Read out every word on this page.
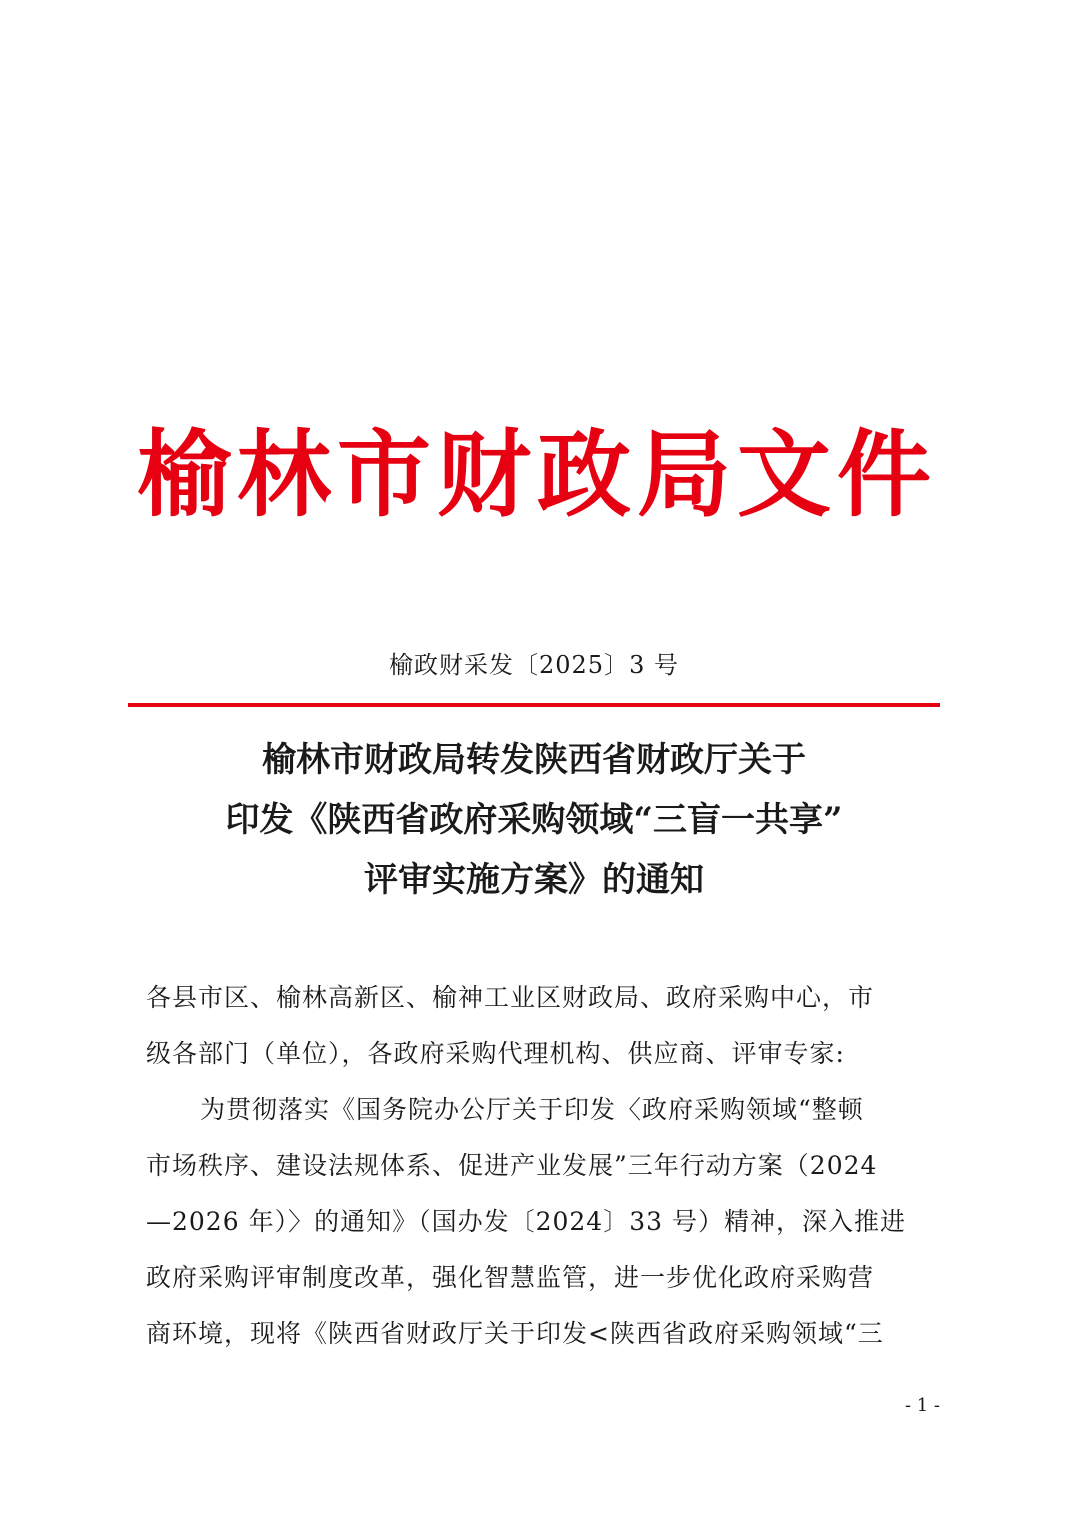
榆林市财政局文件
榆政财采发〔2025〕3 号
榆林市财政局转发陕西省财政厅关于
印发《陕西省政府采购领域“三盲一共享”
评审实施方案》的通知
各县市区、榆林高新区、榆神工业区财政局、政府采购中心，市
级各部门（单位），各政府采购代理机构、供应商、评审专家:
为贯彻落实《国务院办公厅关于印发〈政府采购领域“整顿
市场秩序、建设法规体系、促进产业发展”三年行动方案（2024
—2026 年）〉的通知》（国办发〔2024〕33 号）精神，深入推进
政府采购评审制度改革，强化智慧监管，进一步优化政府采购营
商环境，现将《陕西省财政厅关于印发<陕西省政府采购领域“三
- 1 -
